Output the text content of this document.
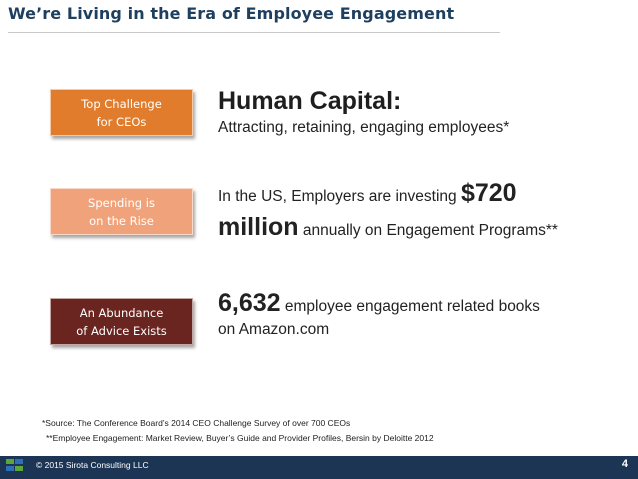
We’re Living in the Era of Employee Engagement
Top Challenge
for CEOs
Spending is
on the Rise
An Abundance
of Advice Exists
Human Capital:
Attracting, retaining, engaging employees*
In the US, Employers are investing $720
million annually on Engagement Programs**
6,632 employee engagement related books
on Amazon.com
*Source: The Conference Board’s 2014 CEO Challenge Survey of over 700 CEOs
**Employee Engagement: Market Review, Buyer’s Guide and Provider Profiles, Bersin by Deloitte 2012
© 2015 Sirota Consulting LLC	4
